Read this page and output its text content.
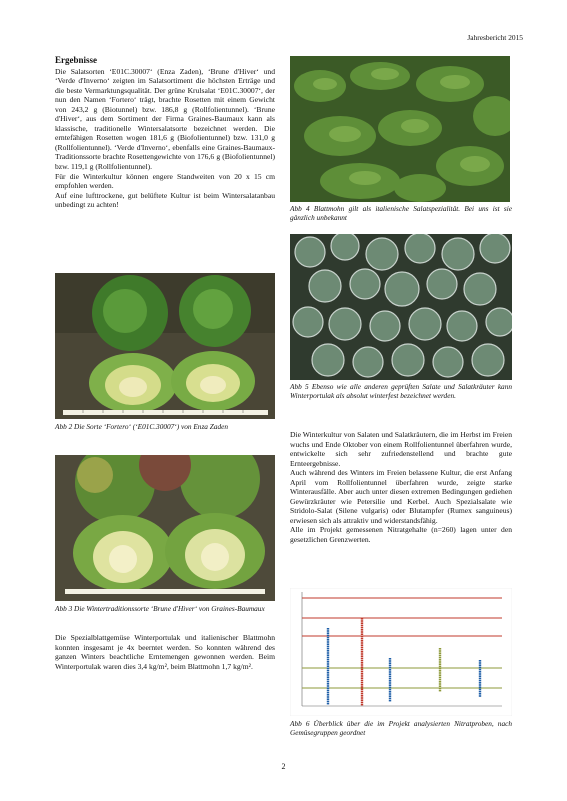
Jahresbericht 2015
Ergebnisse

Die Salatsorten ‘E01C.30007‘ (Enza Zaden), ‘Brune d'Hiver‘ und ‘Verde d'Inverno‘ zeigten im Salatsortiment die höchsten Erträge und die beste Vermarktungsqualität. Der grüne Krulsalat ‘E01C.30007‘, der nun den Namen ‘Fortero‘ trägt, brachte Rosetten mit einem Gewicht von 243,2 g (Biotunnel) bzw. 186,8 g (Rollfolientunnel). ‘Brune d'Hiver‘, aus dem Sortiment der Firma Graines-Baumaux kann als klassische, traditionelle Wintersalatsorte bezeichnet werden. Die erntefähigen Rosetten wogen 181,6 g (Biofolientunnel) bzw. 131,0 g (Rollfolientunnel). ‘Verde d'Inverno‘, ebenfalls eine Graines-Baumaux-Traditionssorte brachte Rosettengewichte von 176,6 g (Biofolientunnel) bzw. 119,1 g (Rollfolientunnel).

Für die Winterkultur können engere Standweiten von 20 x 15 cm empfohlen werden.

Auf eine lufttrockene, gut belüftete Kultur ist beim Wintersalatanbau unbedingt zu achten!

Abb 2 Die Sorte ‘Fortero‘ (‘E01C.30007‘) von Enza Zaden
Abb 3 Die Wintertraditionssorte ‘Brune d'Hiver‘ von Graines-Baumaux
Die Spezialblattgemüse Winterportulak und italienischer Blattmohn konnten insgesamt je 4x beerntet werden. So konnten während des ganzen Winters beachtliche Erntemengen gewonnen werden. Beim Winterportulak waren dies 3,4 kg/m², beim Blattmohn 1,7 kg/m².
Abb 4 Blattmohn gilt als italienische Salatspezialität. Bei uns ist sie gänzlich unbekannt
Abb 5 Ebenso wie alle anderen geprüften Salate und Salatkräuter kann Winterportulak als absolut winterfest bezeichnet werden.

Die Winterkultur von Salaten und Salatkräutern, die im Herbst im Freien wuchs und Ende Oktober von einem Rollfolientunnel überfahren wurde, entwickelte sich sehr zufriedenstellend und brachte gute Ernteergebnisse.

Auch während des Winters im Freien belassene Kultur, die erst Anfang April vom Rollfolientunnel überfahren wurde, zeigte starke Winterausfälle. Aber auch unter diesen extremen Bedingungen gediehen Gewürzkräuter wie Petersilie und Kerbel. Auch Spezialsalate wie Stridolo-Salat (Silene vulgaris) oder Blutampfer (Rumex sanguineus) erwiesen sich als attraktiv und widerstandsfähig.

Alle im Projekt gemessenen Nitratgehalte (n=260) lagen unter den gesetzlichen Grenzwerten.

Abb 6 Überblick über die im Projekt analysierten Nitratproben, nach Gemüsegruppen geordnet
2
